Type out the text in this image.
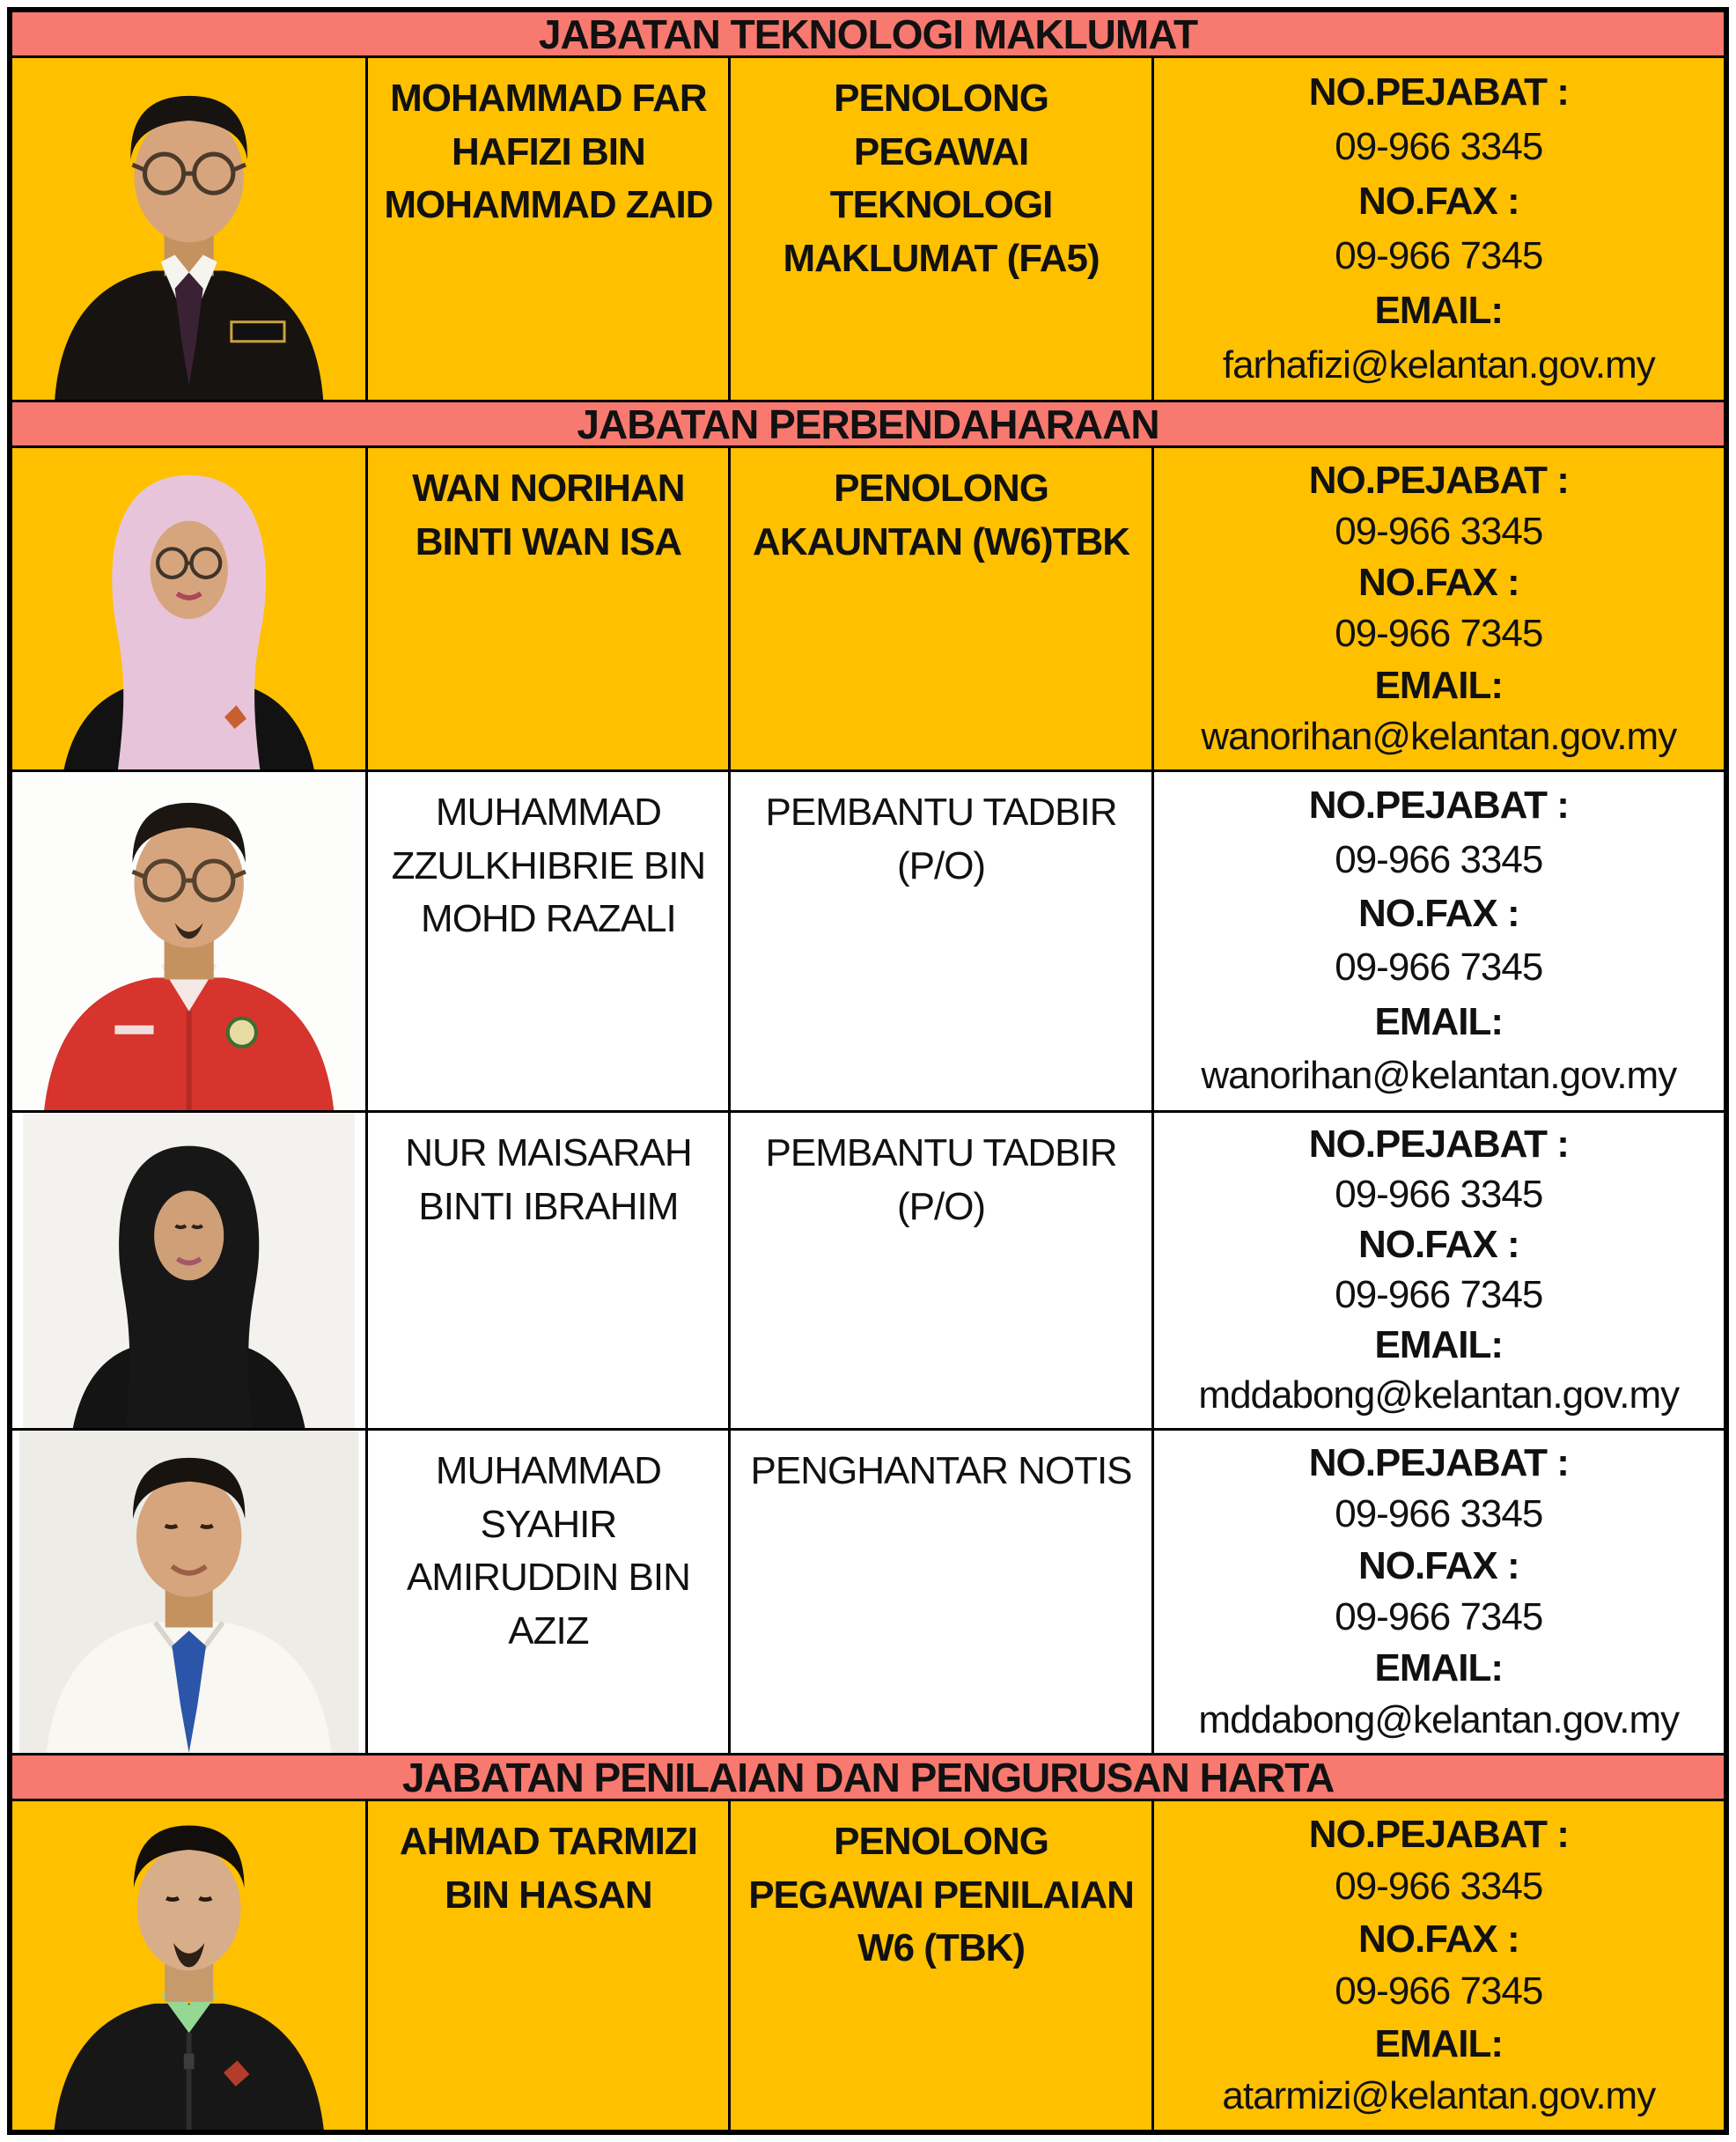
JABATAN TEKNOLOGI MAKLUMAT
MOHAMMAD FAR HAFIZI BIN MOHAMMAD ZAID
PENOLONG PEGAWAI TEKNOLOGI MAKLUMAT (FA5)
NO.PEJABAT :
09-966 3345
NO.FAX :
09-966 7345
EMAIL:
farhafizi@kelantan.gov.my
JABATAN PERBENDAHARAAN
WAN NORIHAN BINTI WAN ISA
PENOLONG AKAUNTAN (W6)TBK
NO.PEJABAT :
09-966 3345
NO.FAX :
09-966 7345
EMAIL:
wanorihan@kelantan.gov.my
MUHAMMAD ZZULKHIBRIE BIN MOHD RAZALI
PEMBANTU TADBIR (P/O)
NO.PEJABAT :
09-966 3345
NO.FAX :
09-966 7345
EMAIL:
wanorihan@kelantan.gov.my
NUR MAISARAH BINTI IBRAHIM
PEMBANTU TADBIR (P/O)
NO.PEJABAT :
09-966 3345
NO.FAX :
09-966 7345
EMAIL:
mddabong@kelantan.gov.my
MUHAMMAD SYAHIR AMIRUDDIN BIN AZIZ
PENGHANTAR NOTIS	NO.PEJABAT :
09-966 3345
NO.FAX :
09-966 7345
EMAIL:
mddabong@kelantan.gov.my
JABATAN PENILAIAN DAN PENGURUSAN HARTA
AHMAD TARMIZI BIN HASAN
PENOLONG PEGAWAI PENILAIAN W6 (TBK)
NO.PEJABAT :
09-966 3345
NO.FAX :
09-966 7345
EMAIL:
atarmizi@kelantan.gov.my
